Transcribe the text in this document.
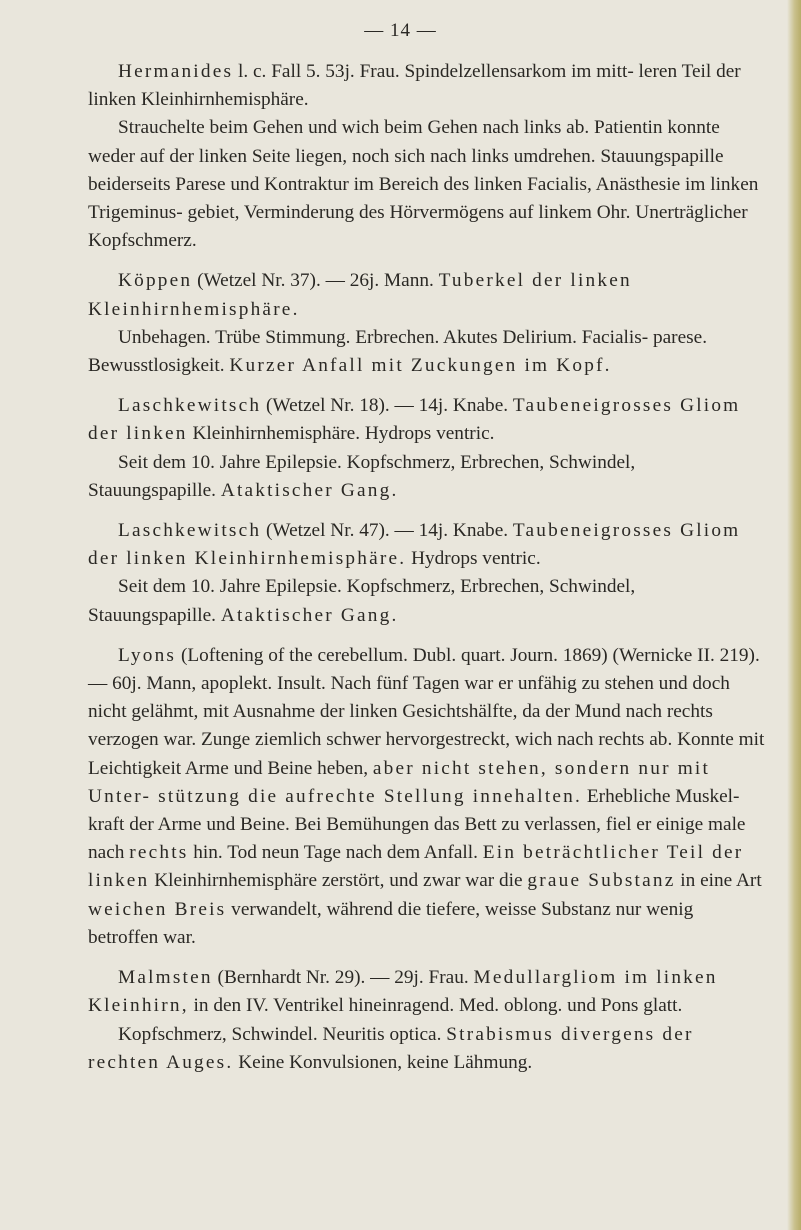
— 14 —

Hermanides l. c. Fall 5. 53j. Frau. Spindelzellensarkom im mitt- leren Teil der linken Kleinhirnhemisphäre.

Strauchelte beim Gehen und wich beim Gehen nach links ab. Patientin konnte weder auf der linken Seite liegen, noch sich nach links umdrehen. Stauungspapille beiderseits Parese und Kontraktur im Bereich des linken Facialis, Anästhesie im linken Trigeminus- gebiet, Verminderung des Hörvermögens auf linkem Ohr. Unerträglicher Kopfschmerz.

Köppen (Wetzel Nr. 37). — 26j. Mann. Tuberkel der linken Kleinhirnhemisphäre.

Unbehagen. Trübe Stimmung. Erbrechen. Akutes Delirium. Facialis- parese. Bewusstlosigkeit. Kurzer Anfall mit Zuckungen im Kopf.

Laschkewitsch (Wetzel Nr. 18). — 14j. Knabe. Taubeneigrosses Gliom der linken Kleinhirnhemisphäre. Hydrops ventric.

Seit dem 10. Jahre Epilepsie. Kopfschmerz, Erbrechen, Schwindel, Stauungspapille. Ataktischer Gang.

Laschkewitsch (Wetzel Nr. 47). — 14j. Knabe. Taubeneigrosses Gliom der linken Kleinhirnhemisphäre. Hydrops ventric.

Seit dem 10. Jahre Epilepsie. Kopfschmerz, Erbrechen, Schwindel, Stauungspapille. Ataktischer Gang.

Lyons (Loftening of the cerebellum. Dubl. quart. Journ. 1869) (Wernicke II. 219). — 60j. Mann, apoplekt. Insult. Nach fünf Tagen war er unfähig zu stehen und doch nicht gelähmt, mit Ausnahme der linken Gesichtshälfte, da der Mund nach rechts verzogen war. Zunge ziemlich schwer hervorgestreckt, wich nach rechts ab. Konnte mit Leichtigkeit Arme und Beine heben, aber nicht stehen, sondern nur mit Unter- stützung die aufrechte Stellung innehalten. Erhebliche Muskel- kraft der Arme und Beine. Bei Bemühungen das Bett zu verlassen, fiel er einige male nach rechts hin. Tod neun Tage nach dem Anfall. Ein beträchtlicher Teil der linken Kleinhirnhemisphäre zerstört, und zwar war die graue Substanz in eine Art weichen Breis verwandelt, während die tiefere, weisse Substanz nur wenig betroffen war.

Malmsten (Bernhardt Nr. 29). — 29j. Frau. Medullargliom im linken Kleinhirn, in den IV. Ventrikel hineinragend. Med. oblong. und Pons glatt.

Kopfschmerz, Schwindel. Neuritis optica. Strabismus divergens der rechten Auges. Keine Konvulsionen, keine Lähmung.
